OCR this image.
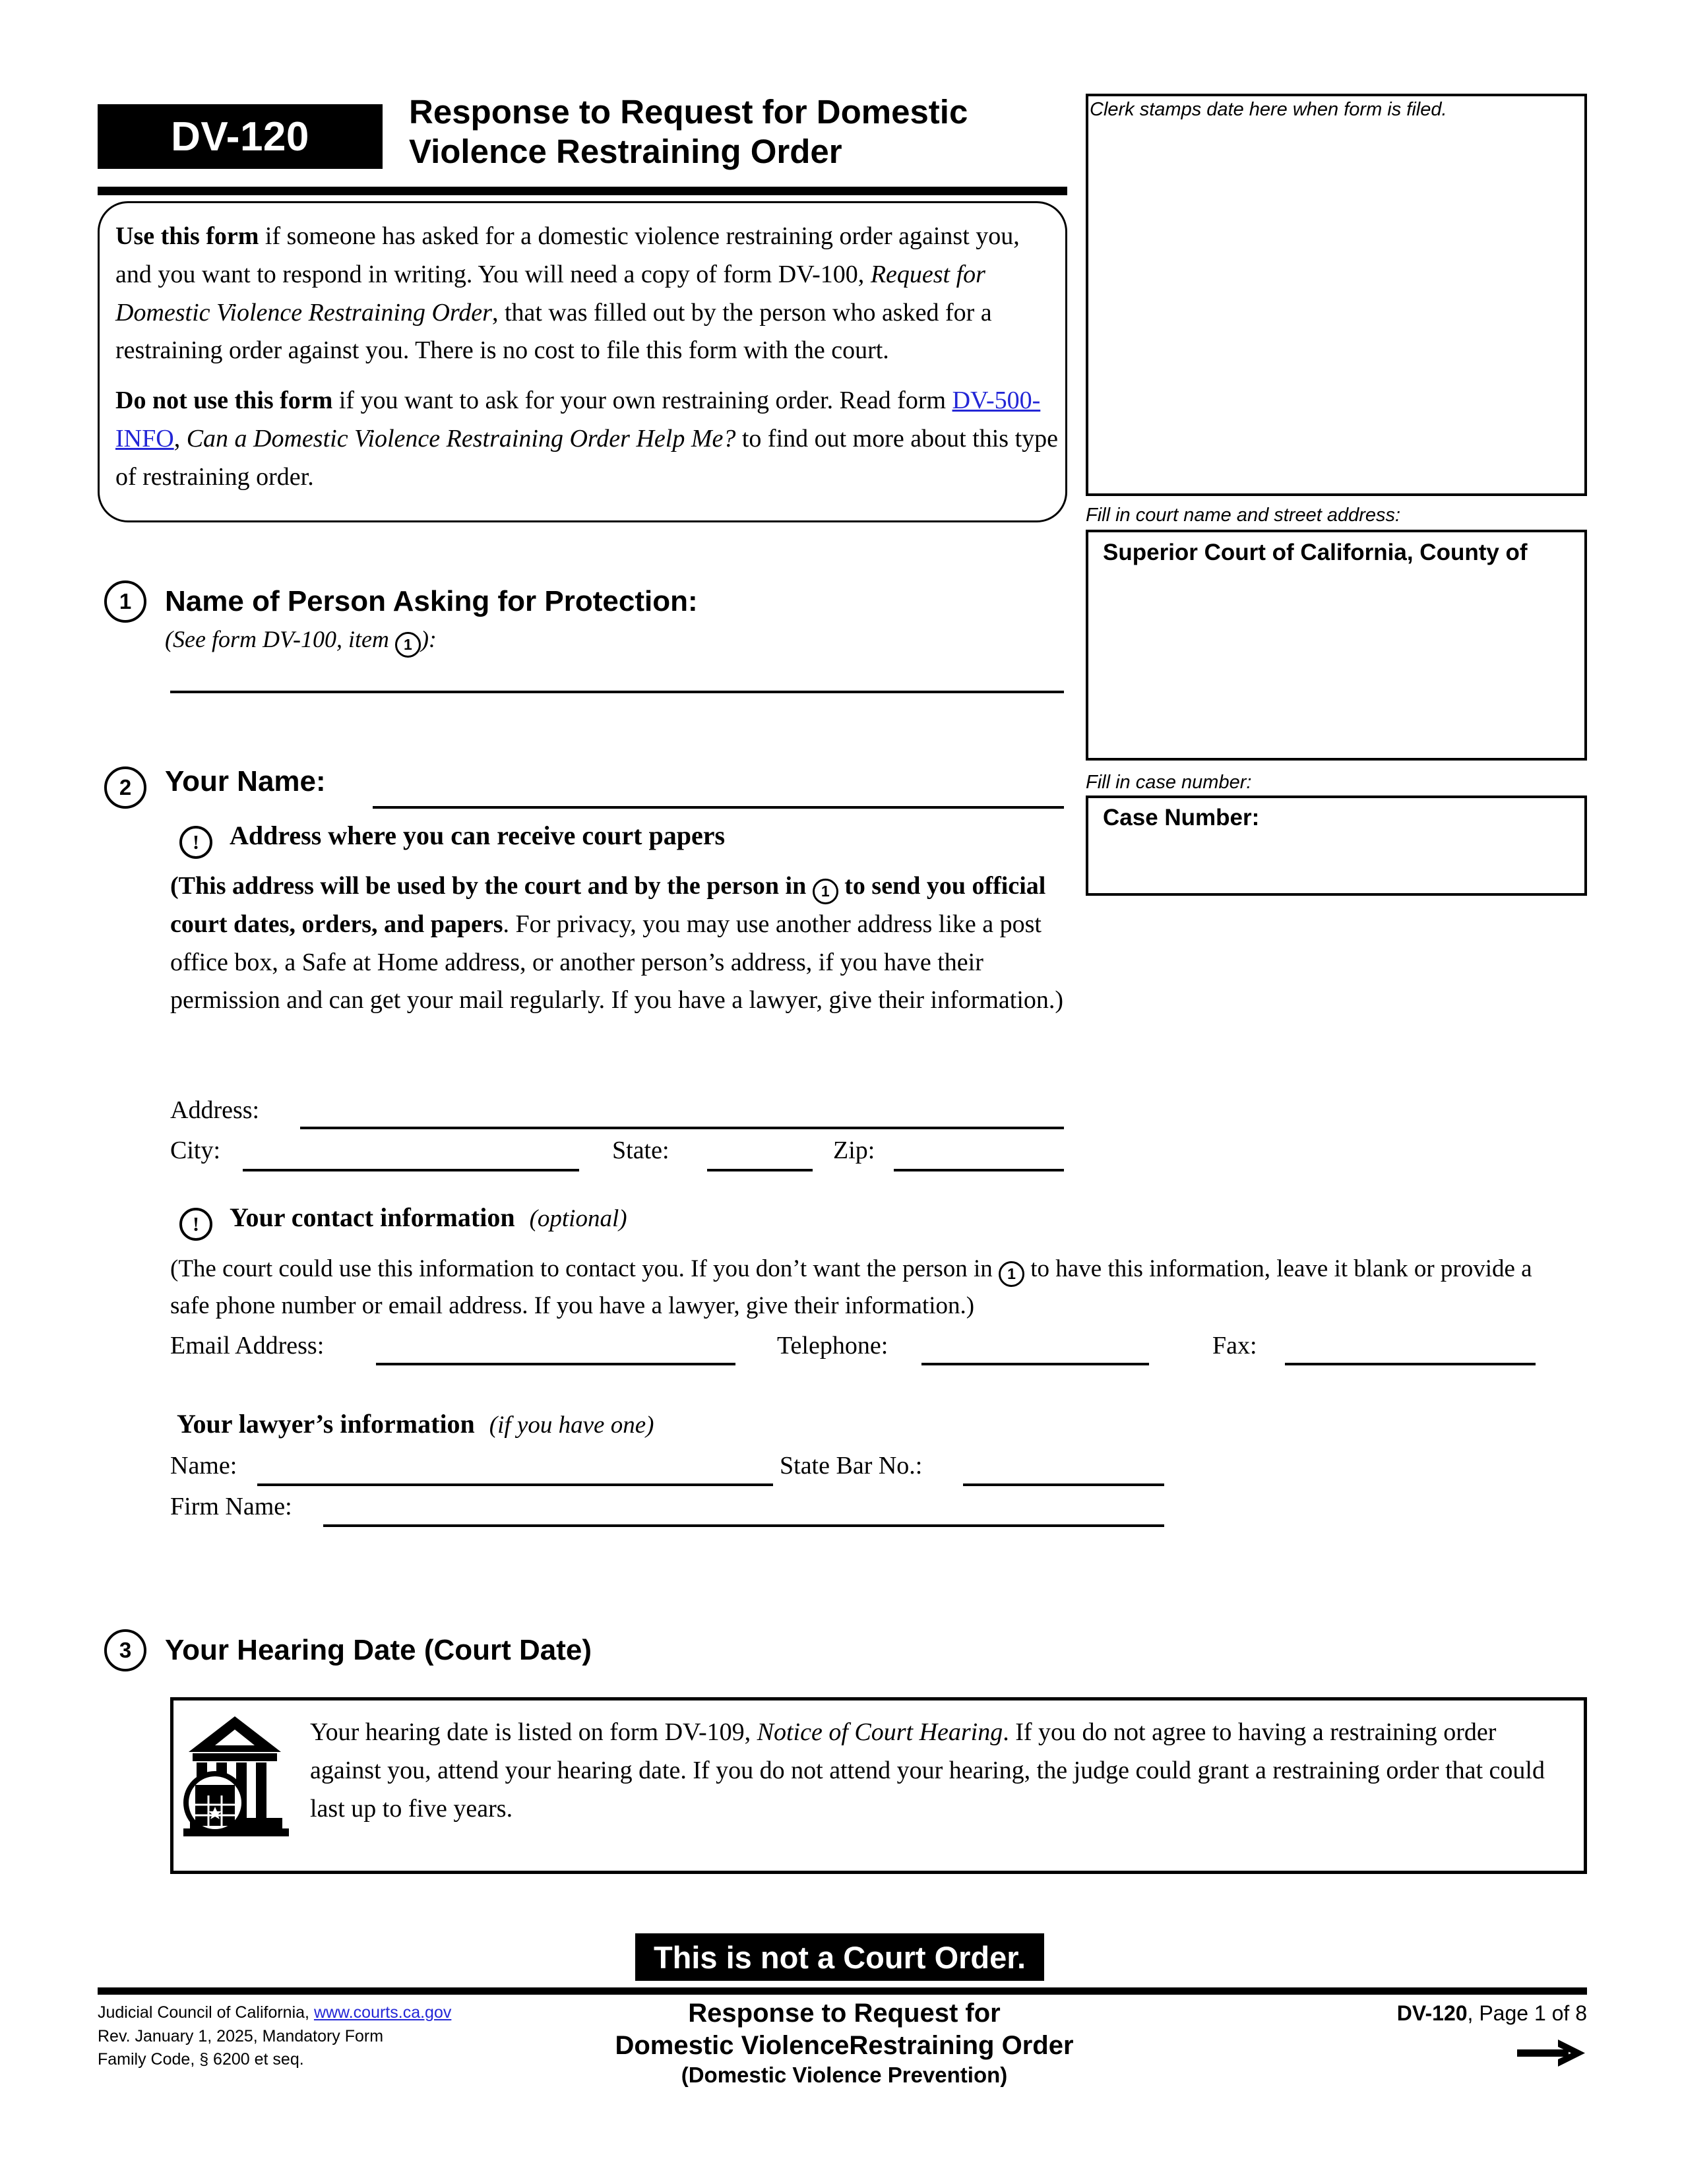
DV-120
Response to Request for Domestic
Violence Restraining Order

Use this form if someone has asked for a domestic violence restraining order against you, and you want to respond in writing. You will need a copy of form DV-100, Request for Domestic Violence Restraining Order, that was filled out by the person who asked for a restraining order against you. There is no cost to file this form with the court.

Do not use this form if you want to ask for your own restraining order. Read form DV-500-INFO, Can a Domestic Violence Restraining Order Help Me? to find out more about this type of restraining order.

Clerk stamps date here when form is filed.
Fill in court name and street address:
Superior Court of California, County of
Fill in case number:
Case Number:
1 Name of Person Asking for Protection:
(See form DV-100, item 1 ):
2 Your Name:
! Address where you can receive court papers
(This address will be used by the court and by the person in 1 to send you official court dates, orders, and papers. For privacy, you may use another address like a post office box, a Safe at Home address, or another person’s address, if you have their permission and can get your mail regularly. If you have a lawyer, give their information.)
Address:
City:	State:	Zip:
! Your contact information (optional)
(The court could use this information to contact you. If you don’t want the person in 1 to have this information, leave it blank or provide a safe phone number or email address. If you have a lawyer, give their information.)
Email Address:	Telephone:	Fax:
Your lawyer’s information (if you have one)
Name:	State Bar No.:
Firm Name:
3 Your Hearing Date (Court Date)
Your hearing date is listed on form DV-109, Notice of Court Hearing. If you do not agree to having a restraining order against you, attend your hearing date. If you do not attend your hearing, the judge could grant a restraining order that could last up to five years.
This is not a Court Order.
Judicial Council of California, www.courts.ca.gov
Rev. January 1, 2025, Mandatory Form
Family Code, § 6200 et seq.
Response to Request for
Domestic ViolenceRestraining Order
(Domestic Violence Prevention)
DV-120, Page 1 of 8
